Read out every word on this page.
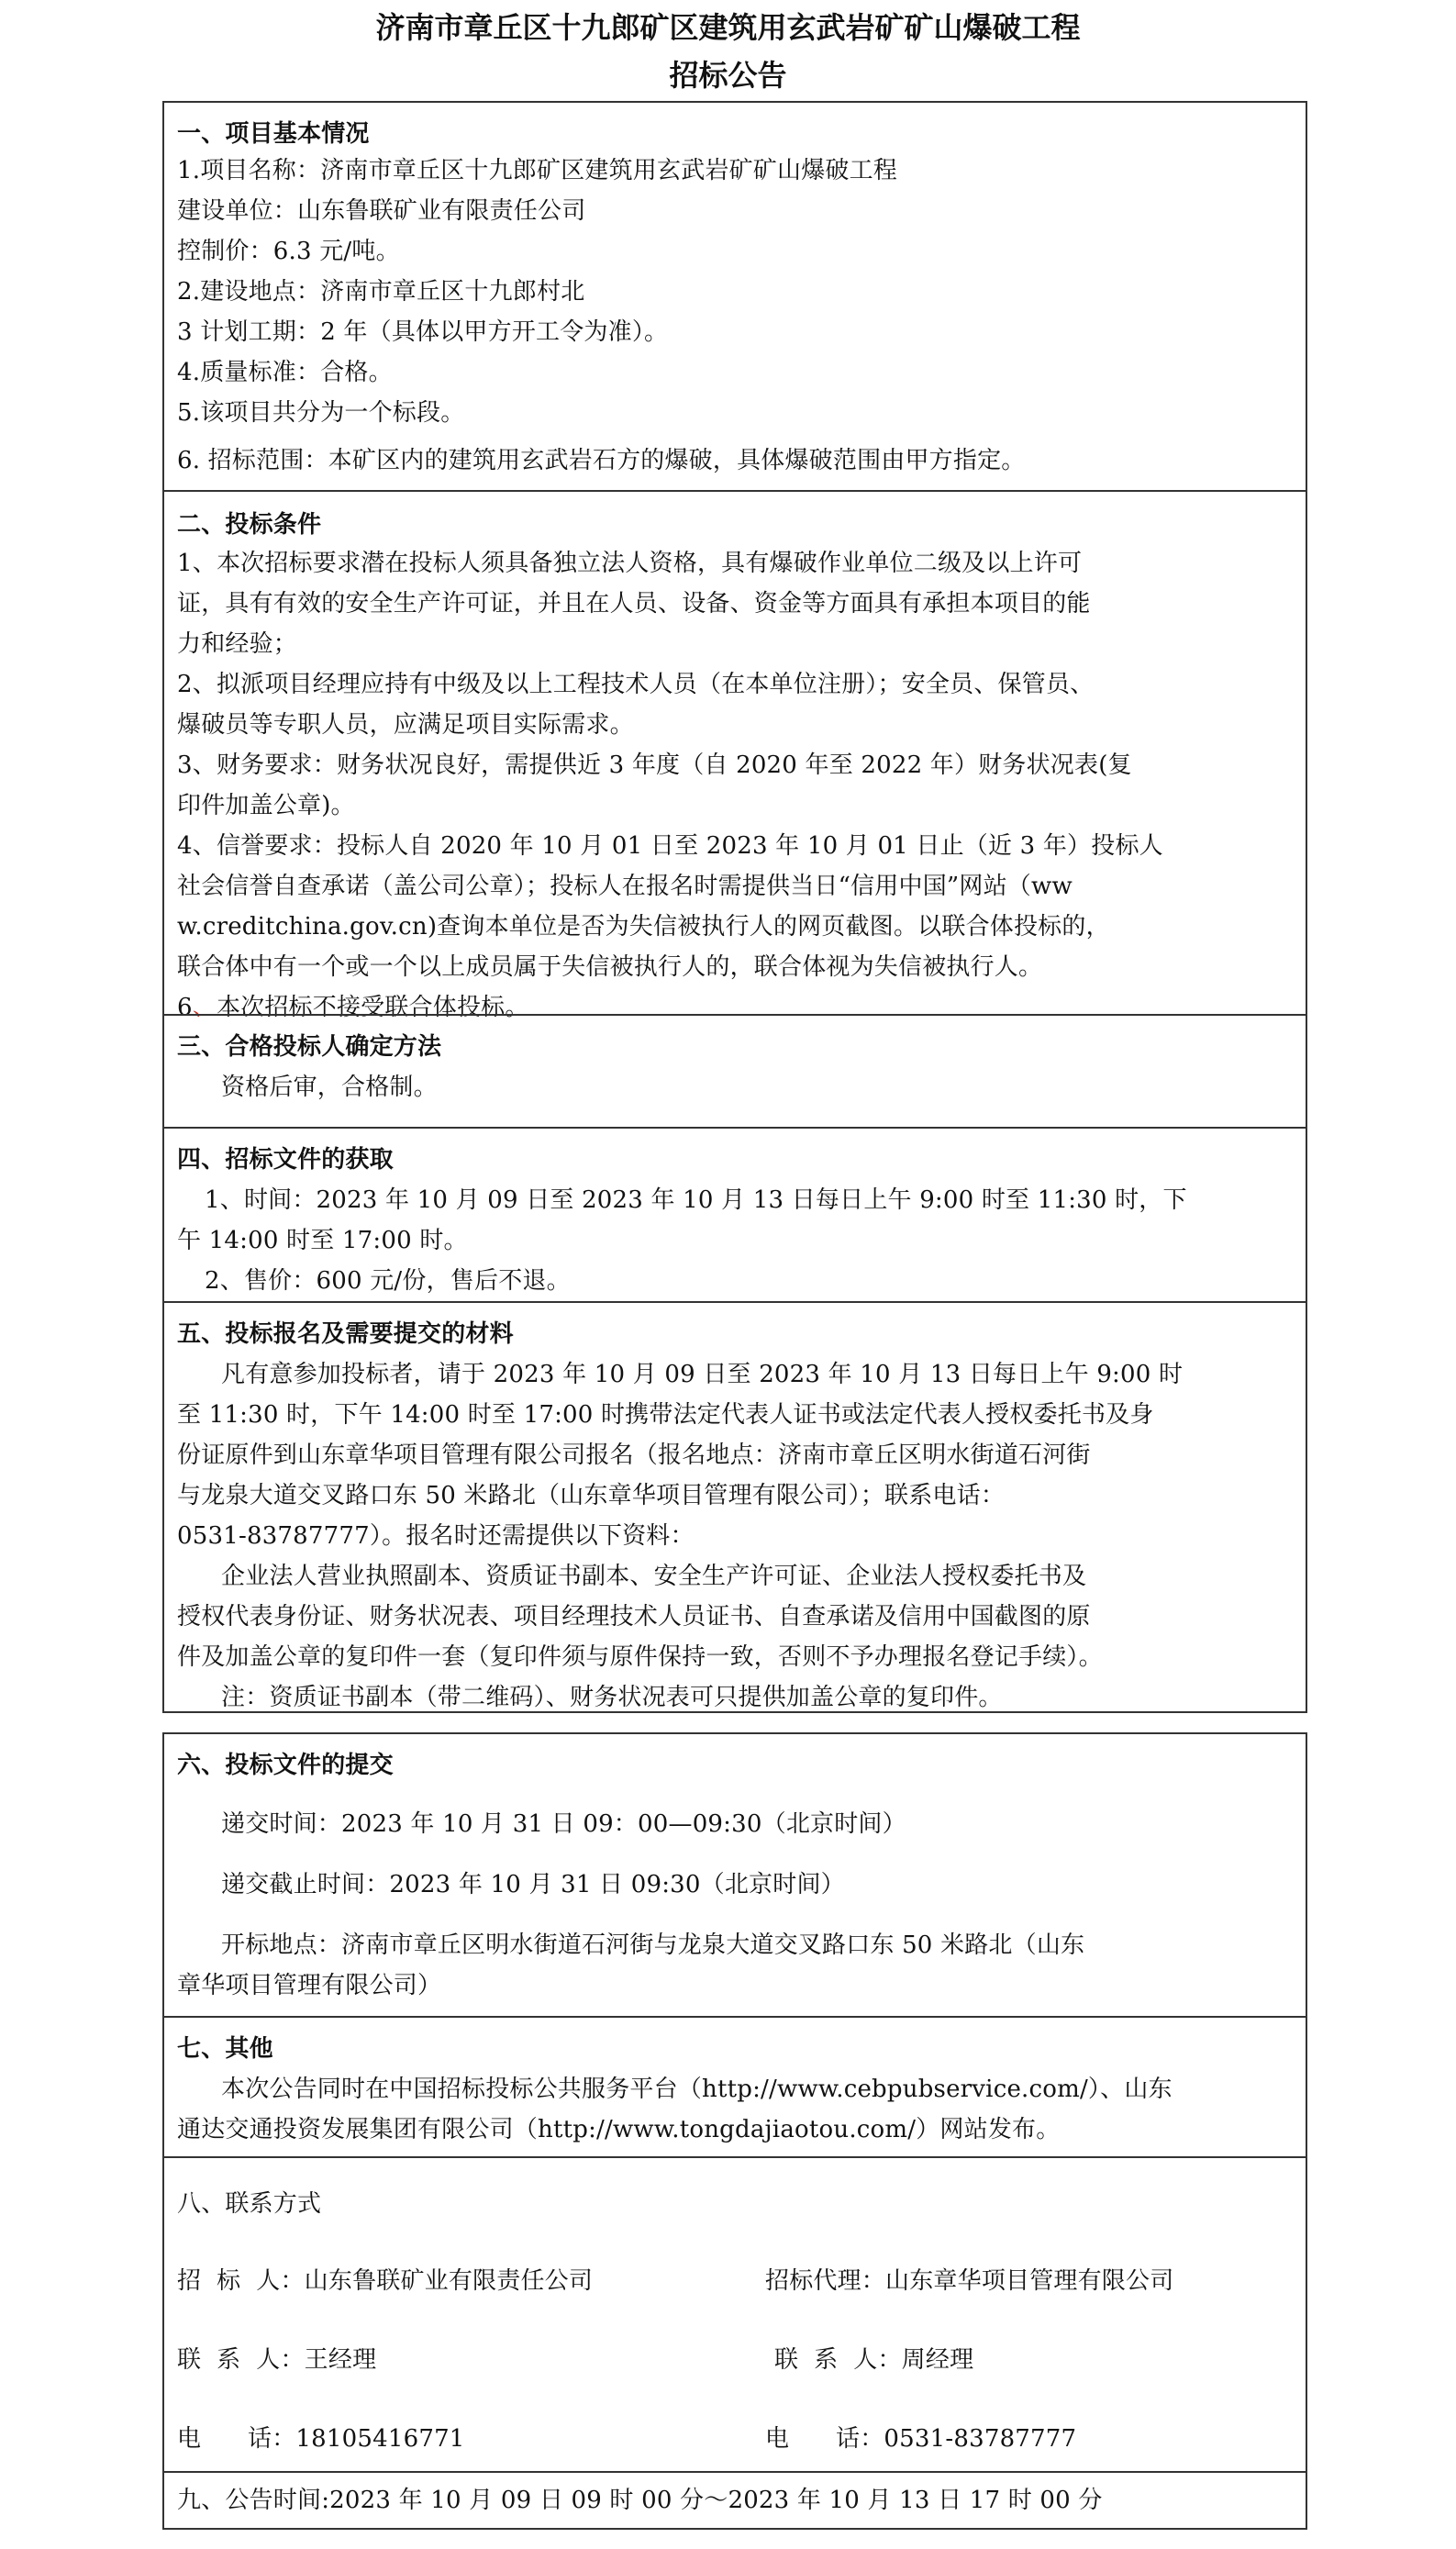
济南市章丘区十九郎矿区建筑用玄武岩矿矿山爆破工程
招标公告
一、项目基本情况
1.项目名称：济南市章丘区十九郎矿区建筑用玄武岩矿矿山爆破工程
建设单位：山东鲁联矿业有限责任公司
控制价：6.3 元/吨。
2.建设地点：济南市章丘区十九郎村北
3 计划工期：2 年（具体以甲方开工令为准）。
4.质量标准：合格。
5.该项目共分为一个标段。
6. 招标范围：本矿区内的建筑用玄武岩石方的爆破，具体爆破范围由甲方指定。
二、投标条件
1、本次招标要求潜在投标人须具备独立法人资格，具有爆破作业单位二级及以上许可
证，具有有效的安全生产许可证，并且在人员、设备、资金等方面具有承担本项目的能
力和经验；
2、拟派项目经理应持有中级及以上工程技术人员（在本单位注册）；安全员、保管员、
爆破员等专职人员，应满足项目实际需求。
3、财务要求：财务状况良好，需提供近 3 年度（自 2020 年至 2022 年）财务状况表(复
印件加盖公章)。
4、信誉要求：投标人自 2020 年 10 月 01 日至 2023 年 10 月 01 日止（近 3 年）投标人
社会信誉自查承诺（盖公司公章）；投标人在报名时需提供当日“信用中国”网站（ww
w.creditchina.gov.cn)查询本单位是否为失信被执行人的网页截图。以联合体投标的，
联合体中有一个或一个以上成员属于失信被执行人的，联合体视为失信被执行人。
6、本次招标不接受联合体投标。
三、合格投标人确定方法
资格后审，合格制。
四、招标文件的获取
1、时间：2023 年 10 月 09 日至 2023 年 10 月 13 日每日上午 9:00 时至 11:30 时，下
午 14:00 时至 17:00 时。
2、售价：600 元/份，售后不退。
五、投标报名及需要提交的材料
凡有意参加投标者，请于 2023 年 10 月 09 日至 2023 年 10 月 13 日每日上午 9:00 时
至 11:30 时，下午 14:00 时至 17:00 时携带法定代表人证书或法定代表人授权委托书及身
份证原件到山东章华项目管理有限公司报名（报名地点：济南市章丘区明水街道石河街
与龙泉大道交叉路口东 50 米路北（山东章华项目管理有限公司）；联系电话：
0531-83787777）。报名时还需提供以下资料：
企业法人营业执照副本、资质证书副本、安全生产许可证、企业法人授权委托书及
授权代表身份证、财务状况表、项目经理技术人员证书、自查承诺及信用中国截图的原
件及加盖公章的复印件一套（复印件须与原件保持一致，否则不予办理报名登记手续）。
注：资质证书副本（带二维码）、财务状况表可只提供加盖公章的复印件。
六、投标文件的提交
递交时间：2023 年 10 月 31 日 09：00—09:30（北京时间）
递交截止时间：2023 年 10 月 31 日 09:30（北京时间）
开标地点：济南市章丘区明水街道石河街与龙泉大道交叉路口东 50 米路北（山东
章华项目管理有限公司）
七、其他
本次公告同时在中国招标投标公共服务平台（http://www.cebpubservice.com/）、山东
通达交通投资发展集团有限公司（http://www.tongdajiaotou.com/）网站发布。
八、联系方式
招  标  人：山东鲁联矿业有限责任公司	招标代理：山东章华项目管理有限公司
联  系  人：王经理	联  系  人：周经理
电      话：18105416771	电      话：0531-83787777
九、公告时间:2023 年 10 月 09 日 09 时 00 分～2023 年 10 月 13 日 17 时 00 分
